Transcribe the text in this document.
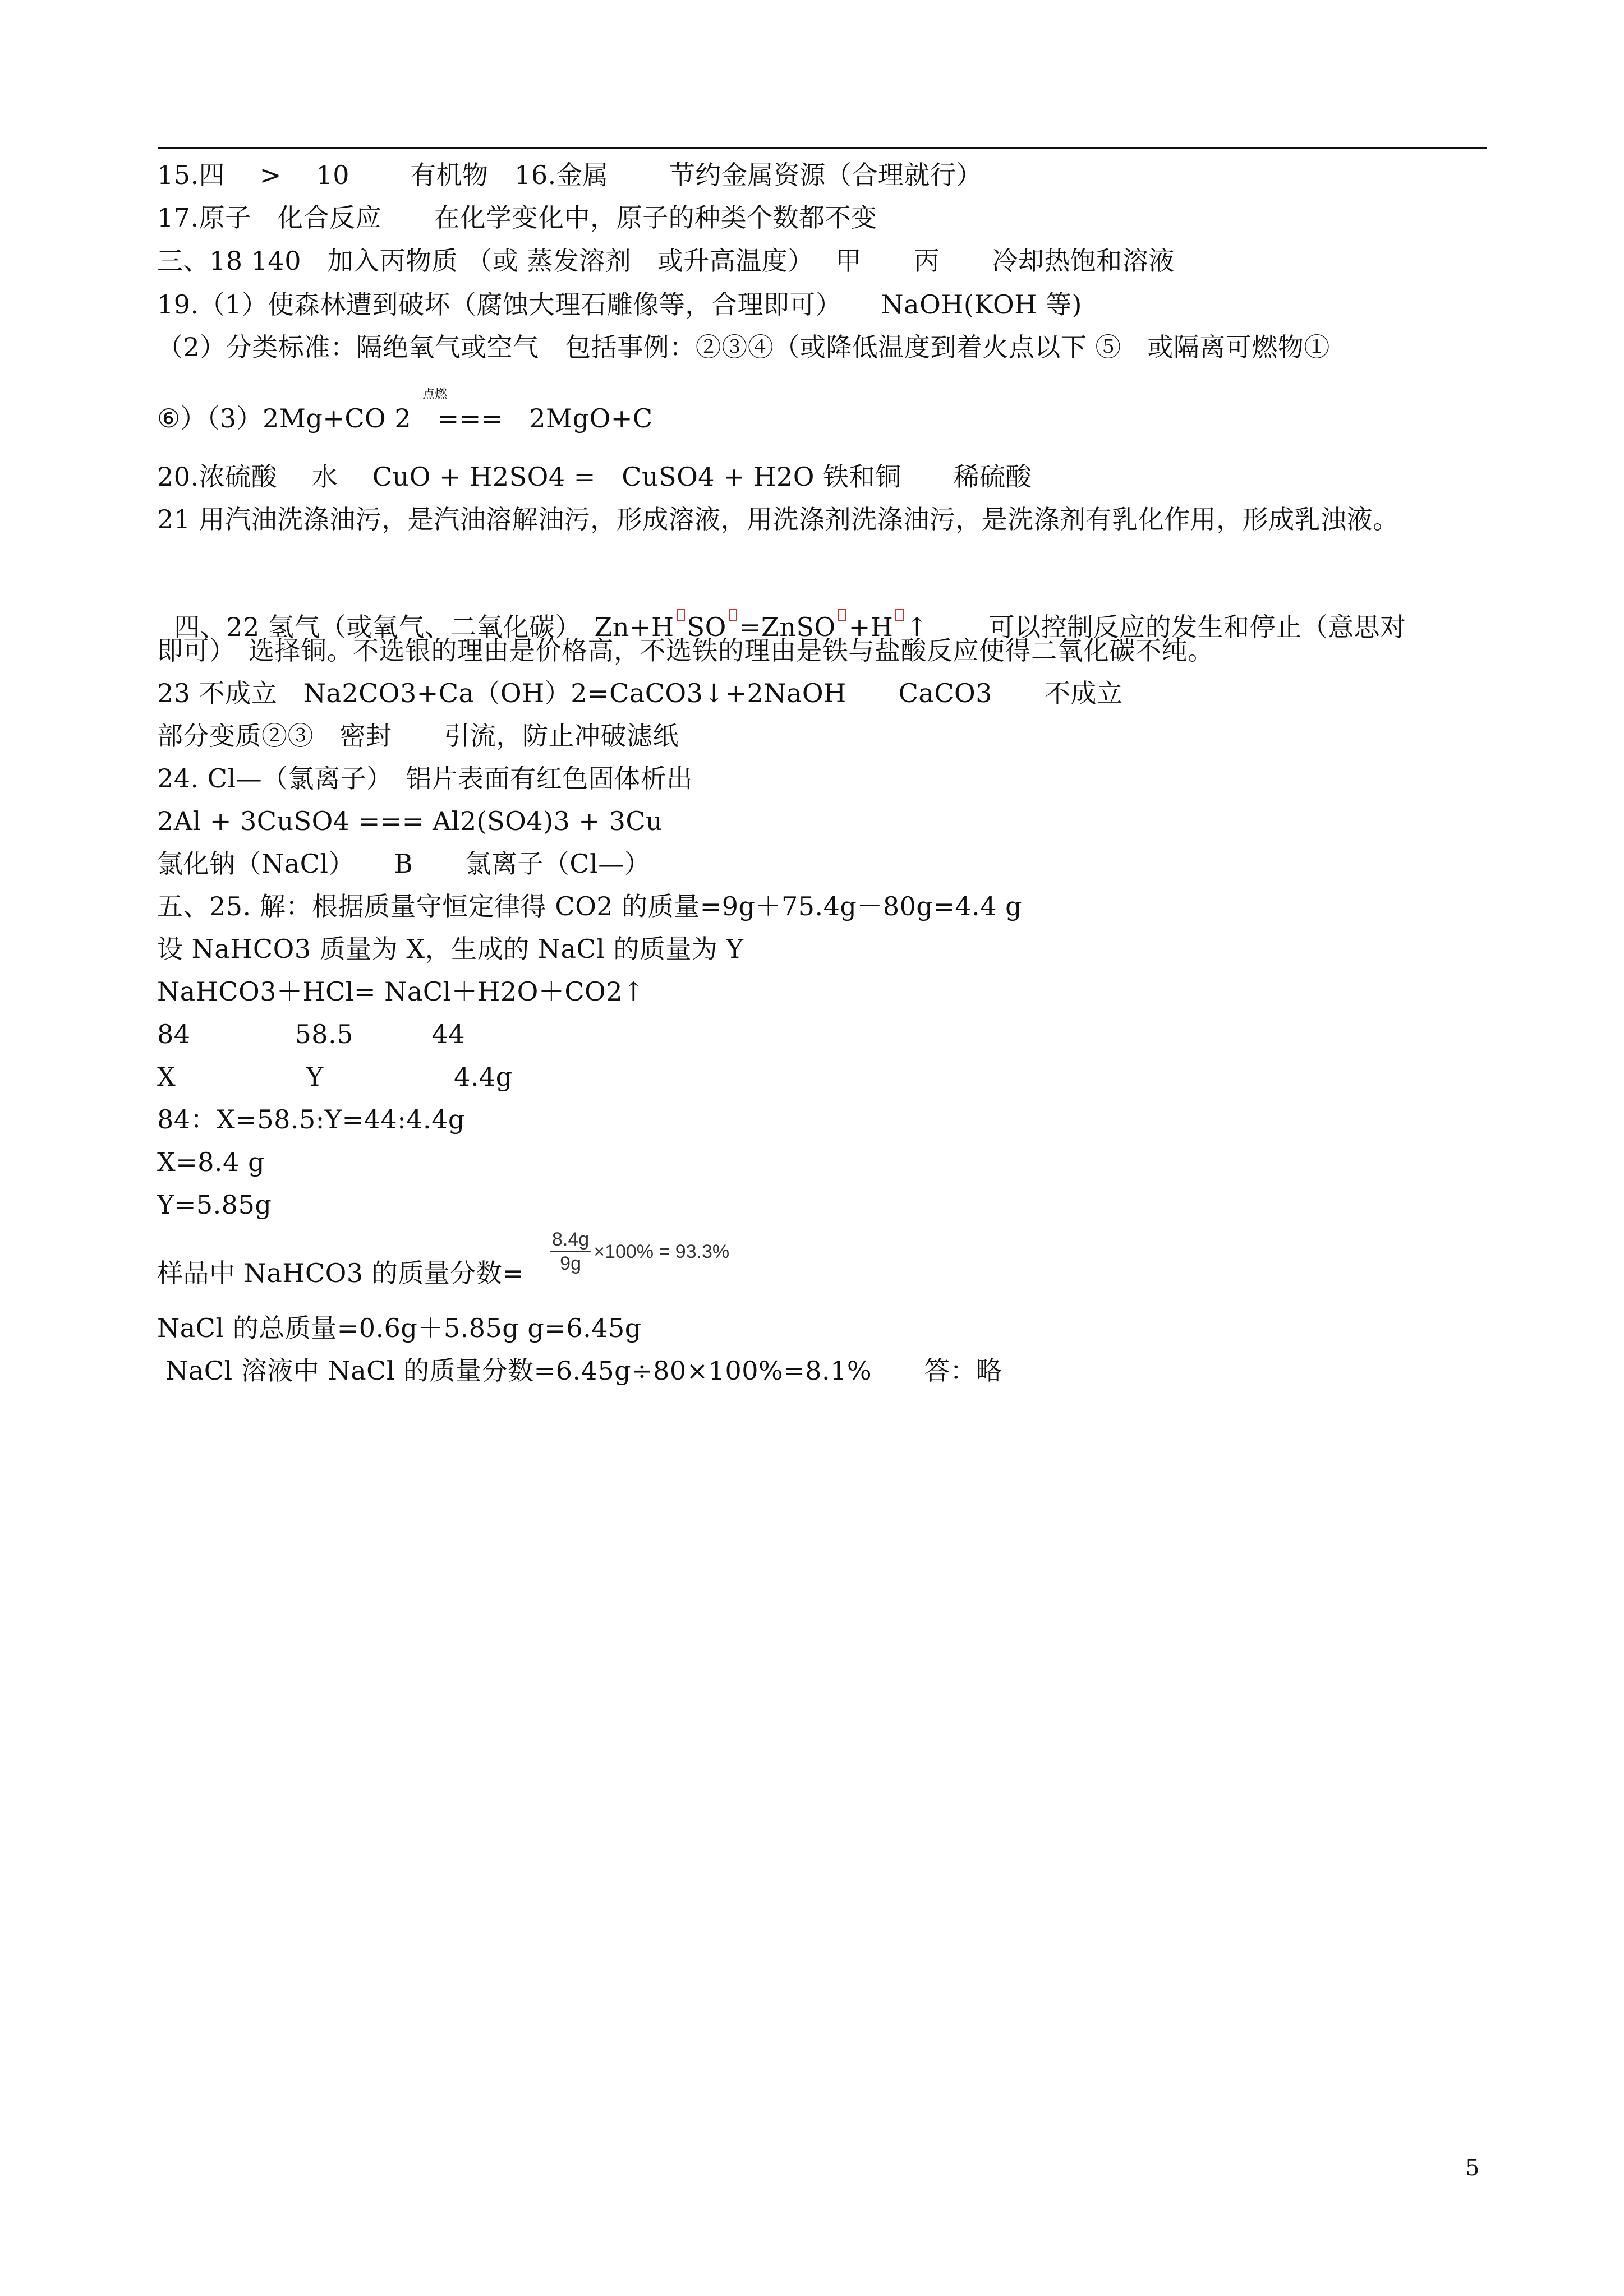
15.四　 >　 10　　 有机物　16.金属　　 节约金属资源（合理就行）
17.原子　化合反应　　在化学变化中，原子的种类个数都不变
三、18 140　加入丙物质 （或 蒸发溶剂　或升高温度）　 甲　　丙　　冷却热饱和溶液
19.（1）使森林遭到破坏（腐蚀大理石雕像等，合理即可）　　NaOH(KOH 等)
（2）分类标准：隔绝氧气或空气　包括事例：②③④（或降低温度到着火点以下 ⑤　或隔离可燃物①
点燃
⑥）（3）2Mg+CO 2　===　2MgO+C
20.浓硫酸　 水　 CuO + H2SO4 =　CuSO4 + H2O 铁和铜　　稀硫酸
21 用汽油洗涤油污，是汽油溶解油污，形成溶液，用洗涤剂洗涤油污，是洗涤剂有乳化作用，形成乳浊液。

四、22 氢气（或氧气、二氧化碳）　Zn+H SO =ZnSO +H ↑　　 可以控制反应的发生和停止（意思对

即可）　选择铜。不选银的理由是价格高，不选铁的理由是铁与盐酸反应使得二氧化碳不纯。
23 不成立　Na2CO3+Ca（OH）2=CaCO3↓+2NaOH　　CaCO3　　不成立
部分变质②③　密封　　引流，防止冲破滤纸
24. Cl—（氯离子）　铝片表面有红色固体析出
2Al + 3CuSO4 === Al2(SO4)3 + 3Cu
氯化钠（NaCl）　　B　　氯离子（Cl—）
五、25. 解：根据质量守恒定律得 CO2 的质量=9g＋75.4g－80g=4.4 g
设 NaHCO3 质量为 X，生成的 NaCl 的质量为 Y
NaHCO3＋HCl= NaCl＋H2O＋CO2↑
84　　　　58.5　　　44
X　　　　　Y　　　　　4.4g
84：X=58.5:Y=44:4.4g
X=8.4 g
Y=5.85g
样品中 NaHCO3 的质量分数= $\frac{8.4g}{9g} \times 100\% = 93.3\%$
NaCl 的总质量=0.6g＋5.85g g=6.45g
NaCl 溶液中 NaCl 的质量分数=6.45g÷80×100%=8.1%　　答：略
5
